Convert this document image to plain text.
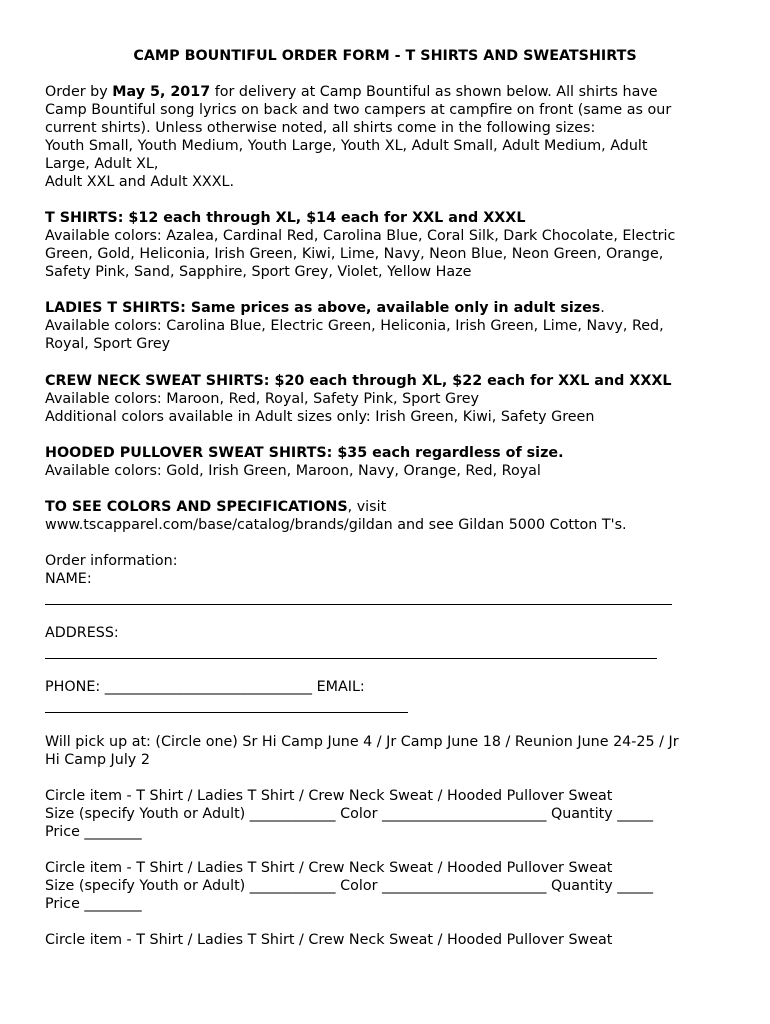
CAMP BOUNTIFUL ORDER FORM - T SHIRTS AND SWEATSHIRTS
Order by May 5, 2017 for delivery at Camp Bountiful as shown below. All shirts have
Camp Bountiful song lyrics on back and two campers at campfire on front (same as our
current shirts). Unless otherwise noted, all shirts come in the following sizes:
Youth Small, Youth Medium, Youth Large, Youth XL, Adult Small, Adult Medium, Adult
Large, Adult XL,
Adult XXL and Adult XXXL.
T SHIRTS: $12 each through XL, $14 each for XXL and XXXL
Available colors: Azalea, Cardinal Red, Carolina Blue, Coral Silk, Dark Chocolate, Electric
Green, Gold, Heliconia, Irish Green, Kiwi, Lime, Navy, Neon Blue, Neon Green, Orange,
Safety Pink, Sand, Sapphire, Sport Grey, Violet, Yellow Haze
LADIES T SHIRTS: Same prices as above, available only in adult sizes.
Available colors: Carolina Blue, Electric Green, Heliconia, Irish Green, Lime, Navy, Red,
Royal, Sport Grey
CREW NECK SWEAT SHIRTS: $20 each through XL, $22 each for XXL and XXXL
Available colors: Maroon, Red, Royal, Safety Pink, Sport Grey
Additional colors available in Adult sizes only: Irish Green, Kiwi, Safety Green
HOODED PULLOVER SWEAT SHIRTS: $35 each regardless of size.
Available colors: Gold, Irish Green, Maroon, Navy, Orange, Red, Royal
TO SEE COLORS AND SPECIFICATIONS, visit
www.tscapparel.com/base/catalog/brands/gildan and see Gildan 5000 Cotton T's.
Order information:
NAME:
ADDRESS:
PHONE: _____________________________ EMAIL:
Will pick up at: (Circle one) Sr Hi Camp June 4 / Jr Camp June 18 / Reunion June 24-25 / Jr
Hi Camp July 2
Circle item - T Shirt / Ladies T Shirt / Crew Neck Sweat / Hooded Pullover Sweat
Size (specify Youth or Adult) ____________ Color _______________________ Quantity _____
Price ________
Circle item - T Shirt / Ladies T Shirt / Crew Neck Sweat / Hooded Pullover Sweat
Size (specify Youth or Adult) ____________ Color _______________________ Quantity _____
Price ________
Circle item - T Shirt / Ladies T Shirt / Crew Neck Sweat / Hooded Pullover Sweat
